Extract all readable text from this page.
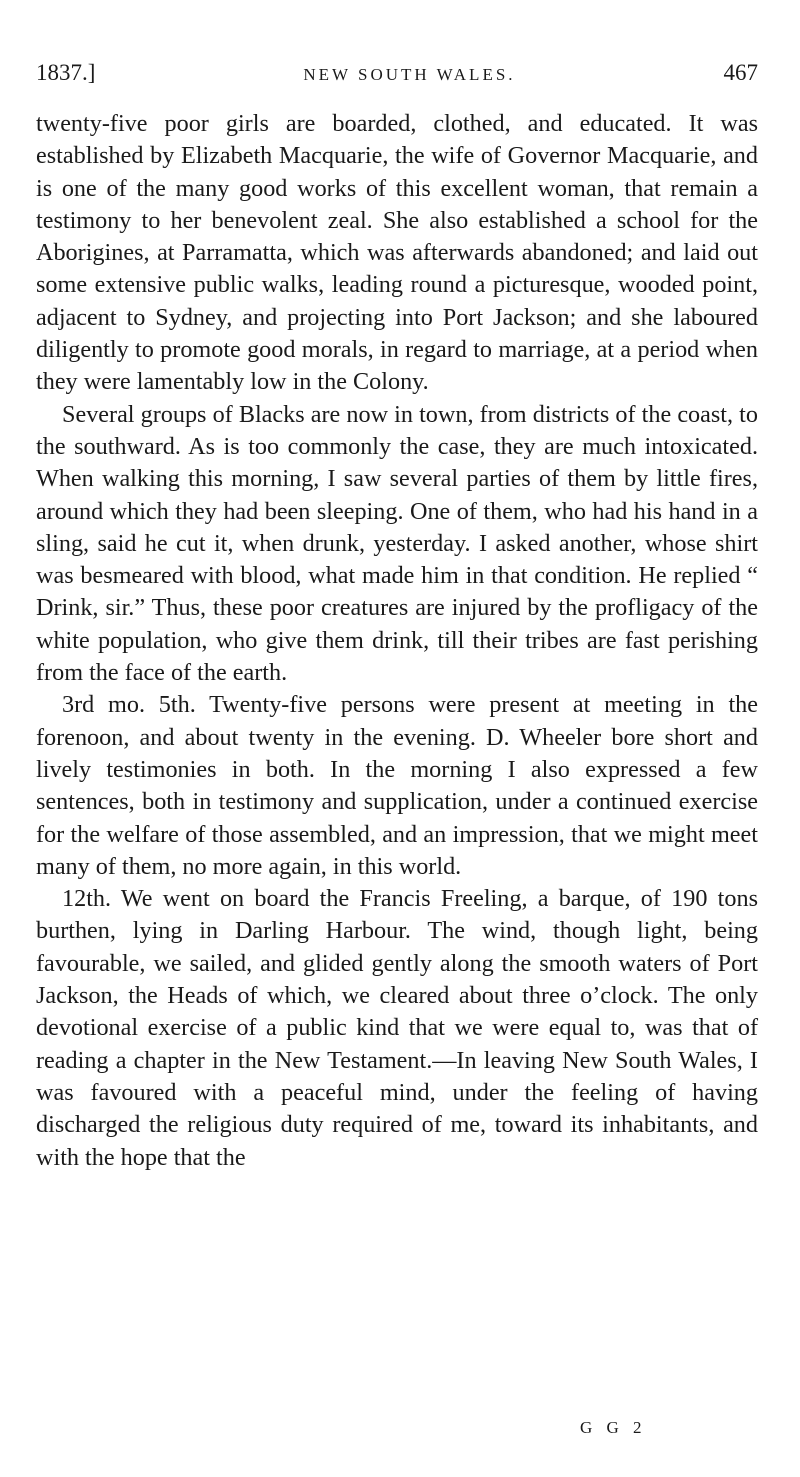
1837.]	NEW SOUTH WALES.	467

twenty-five poor girls are boarded, clothed, and educated. It was established by Elizabeth Macquarie, the wife of Governor Macquarie, and is one of the many good works of this excellent woman, that remain a testimony to her benevolent zeal. She also established a school for the Aborigines, at Parramatta, which was afterwards abandoned; and laid out some extensive public walks, leading round a picturesque, wooded point, adjacent to Sydney, and projecting into Port Jackson; and she laboured diligently to promote good morals, in regard to marriage, at a period when they were lamentably low in the Colony.

Several groups of Blacks are now in town, from districts of the coast, to the southward. As is too commonly the case, they are much intoxicated. When walking this morning, I saw several parties of them by little fires, around which they had been sleeping. One of them, who had his hand in a sling, said he cut it, when drunk, yesterday. I asked another, whose shirt was besmeared with blood, what made him in that condition. He replied “ Drink, sir.” Thus, these poor creatures are injured by the profligacy of the white population, who give them drink, till their tribes are fast perishing from the face of the earth.

3rd mo. 5th. Twenty-five persons were present at meeting in the forenoon, and about twenty in the evening. D. Wheeler bore short and lively testimonies in both. In the morning I also expressed a few sentences, both in testimony and supplication, under a continued exercise for the welfare of those assembled, and an impression, that we might meet many of them, no more again, in this world.

12th. We went on board the Francis Freeling, a barque, of 190 tons burthen, lying in Darling Harbour. The wind, though light, being favourable, we sailed, and glided gently along the smooth waters of Port Jackson, the Heads of which, we cleared about three o’clock. The only devotional exercise of a public kind that we were equal to, was that of reading a chapter in the New Testament.—In leaving New South Wales, I was favoured with a peaceful mind, under the feeling of having discharged the religious duty required of me, toward its inhabitants, and with the hope that the

G G 2
